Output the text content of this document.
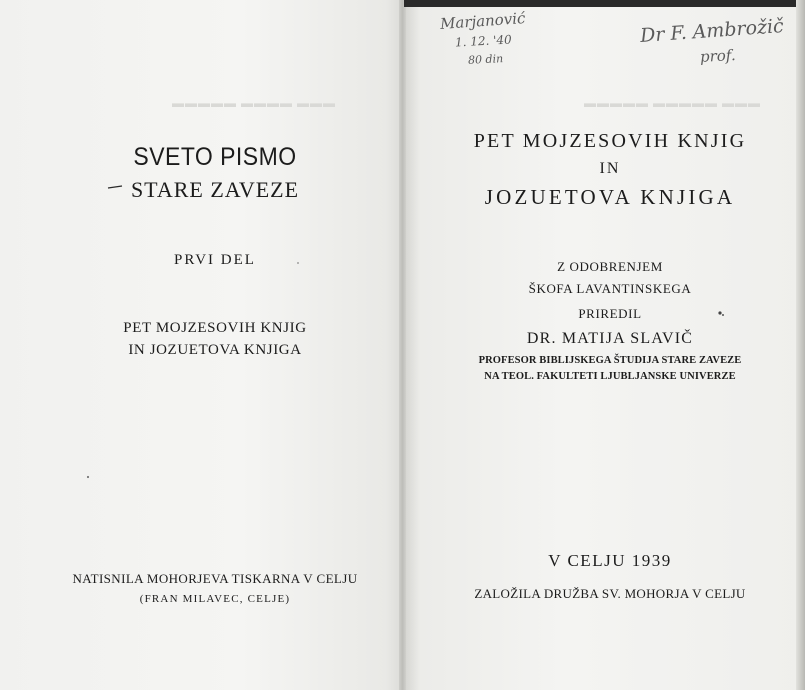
▬▬▬ ▬▬▬▬ ▬▬▬▬▬	▬▬▬ ▬▬▬▬▬ ▬▬▬▬▬
SVETO PISMO
STARE ZAVEZE
PRVI DEL
PET MOJZESOVIH KNJIG
IN JOZUETOVA KNJIGA
NATISNILA MOHORJEVA TISKARNA V CELJU
(FRAN MILAVEC, CELJE)
PET MOJZESOVIH KNJIG
IN
JOZUETOVA KNJIGA
Z ODOBRENJEM
ŠKOFA LAVANTINSKEGA
PRIREDIL
DR. MATIJA SLAVIČ
PROFESOR BIBLIJSKEGA ŠTUDIJA STARE ZAVEZE
NA TEOL. FAKULTETI LJUBLJANSKE UNIVERZE
V CELJU 1939
ZALOŽILA DRUŽBA SV. MOHORJA V CELJU
Marjanović
1. 12. '40
80 din
Dr F. Ambrožič
prof.
